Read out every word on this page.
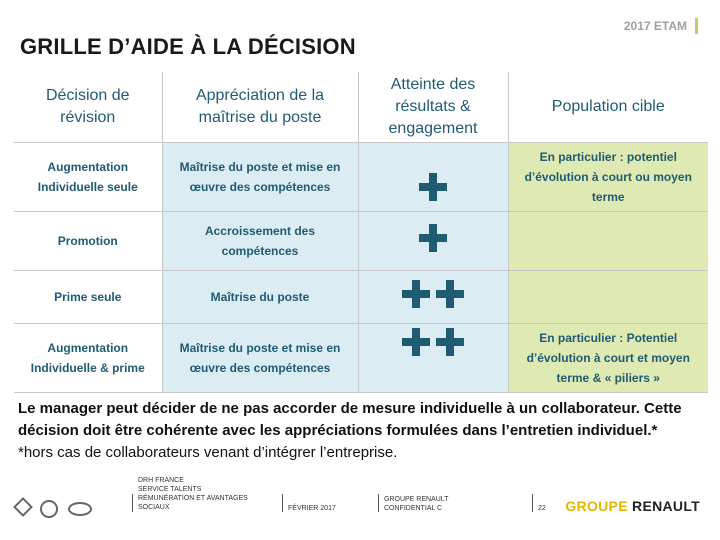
2017 ETAM
GRILLE D’AIDE À LA DÉCISION
Décision de révision	Appréciation de la maîtrise du poste	Atteinte des résultats & engagement	Population cible
Augmentation Individuelle seule	Maîtrise du poste et mise en œuvre des compétences		En particulier : potentiel d’évolution à court ou moyen terme
Promotion	Accroissement des compétences		
Prime seule	Maîtrise du poste		
Augmentation Individuelle & prime	Maîtrise du poste et mise en œuvre des compétences		En particulier : Potentiel d’évolution à court et moyen terme & « piliers »
Le manager peut décider de ne pas accorder de mesure individuelle à un collaborateur. Cette décision doit être cohérente avec les appréciations formulées dans l’entretien individuel.*
*hors cas de collaborateurs venant d’intégrer l’entreprise.
DRH FRANCE
SERVICE TALENTS
RÉMUNÉRATION ET AVANTAGES
SOCIAUX	FÉVRIER 2017
GROUPE RENAULT
CONFIDENTIAL C	22 GROUPE RENAULT
